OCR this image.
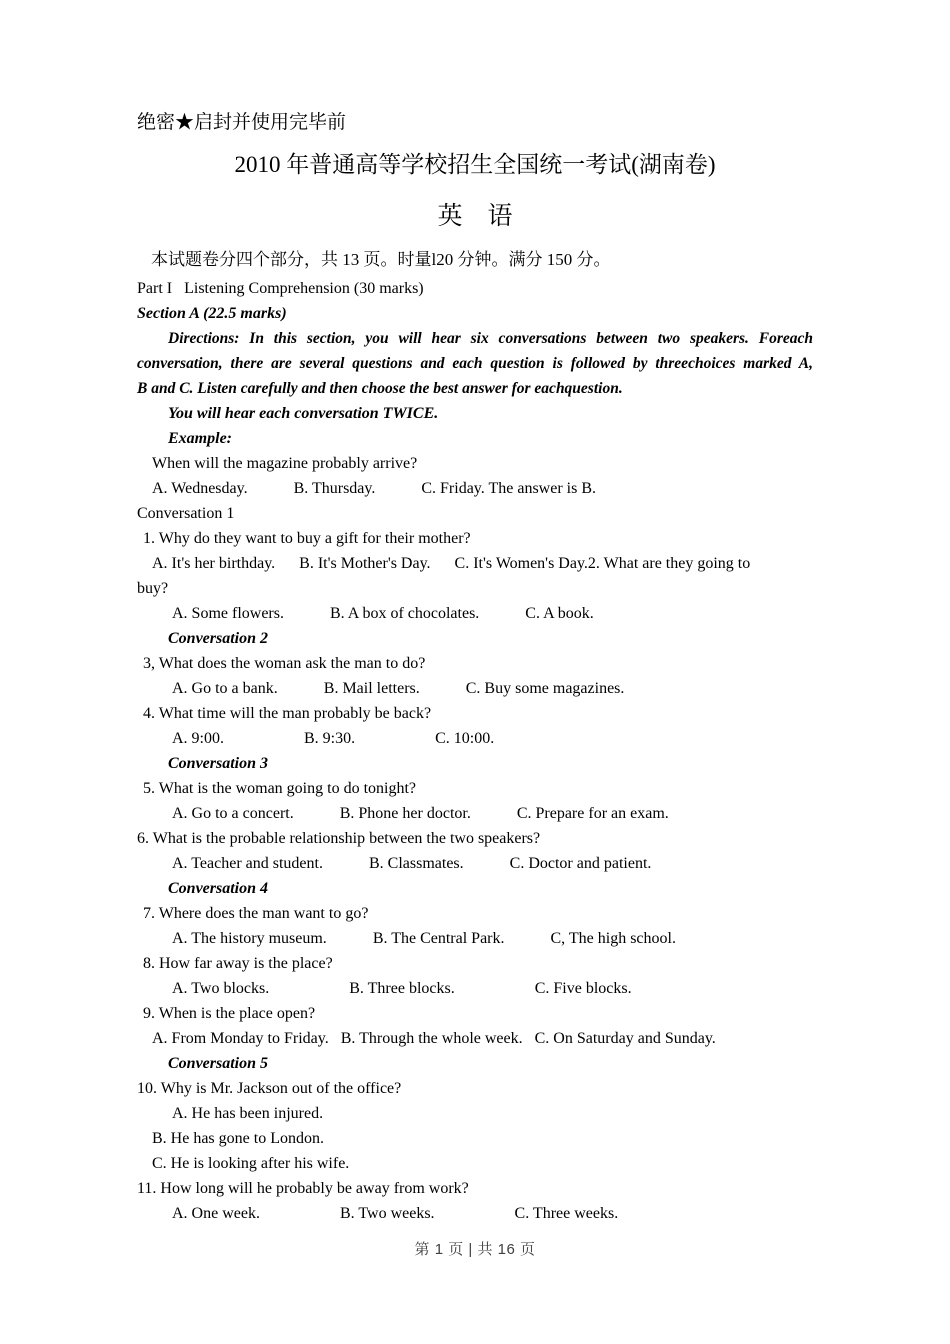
绝密★启封并使用完毕前
2010 年普通高等学校招生全国统一考试(湖南卷)
英　语
本试题卷分四个部分，共 13 页。时量l20 分钟。满分 150 分。
Part I   Listening Comprehension (30 marks)
Section A (22.5 marks)
Directions: In this section, you will hear six conversations between two speakers. Foreach
conversation, there are several questions and each question is followed by threechoices marked A,
B and C. Listen carefully and then choose the best answer for eachquestion.
You will hear each conversation TWICE.
Example:
When will the magazine probably arrive?
A. Wednesday.	B. Thursday.	C. Friday. The answer is B.
Conversation 1
1. Why do they want to buy a gift for their mother?
A. It's her birthday. B. It's Mother's Day. C. It's Women's Day.2. What are they going to
buy?
A. Some flowers.	B. A box of chocolates.	C. A book.
Conversation 2
3, What does the woman ask the man to do?
A. Go to a bank.	B. Mail letters.	C. Buy some magazines.
4. What time will the man probably be back?
A. 9:00.	B. 9:30.	C. 10:00.
Conversation 3
5. What is the woman going to do tonight?
A. Go to a concert.	B. Phone her doctor.	C. Prepare for an exam.
6. What is the probable relationship between the two speakers?
A. Teacher and student.	B. Classmates.	C. Doctor and patient.
Conversation 4
7. Where does the man want to go?
A. The history museum.	B. The Central Park.	C, The high school.
8. How far away is the place?
A. Two blocks.	B. Three blocks.	C. Five blocks.
9. When is the place open?
A. From Monday to Friday. B. Through the whole week. C. On Saturday and Sunday.
Conversation 5
10. Why is Mr. Jackson out of the office?
A. He has been injured.
B. He has gone to London.
C. He is looking after his wife.
11. How long will he probably be away from work?
A. One week.	B. Two weeks.	C. Three weeks.
第 1 页 | 共 16 页
